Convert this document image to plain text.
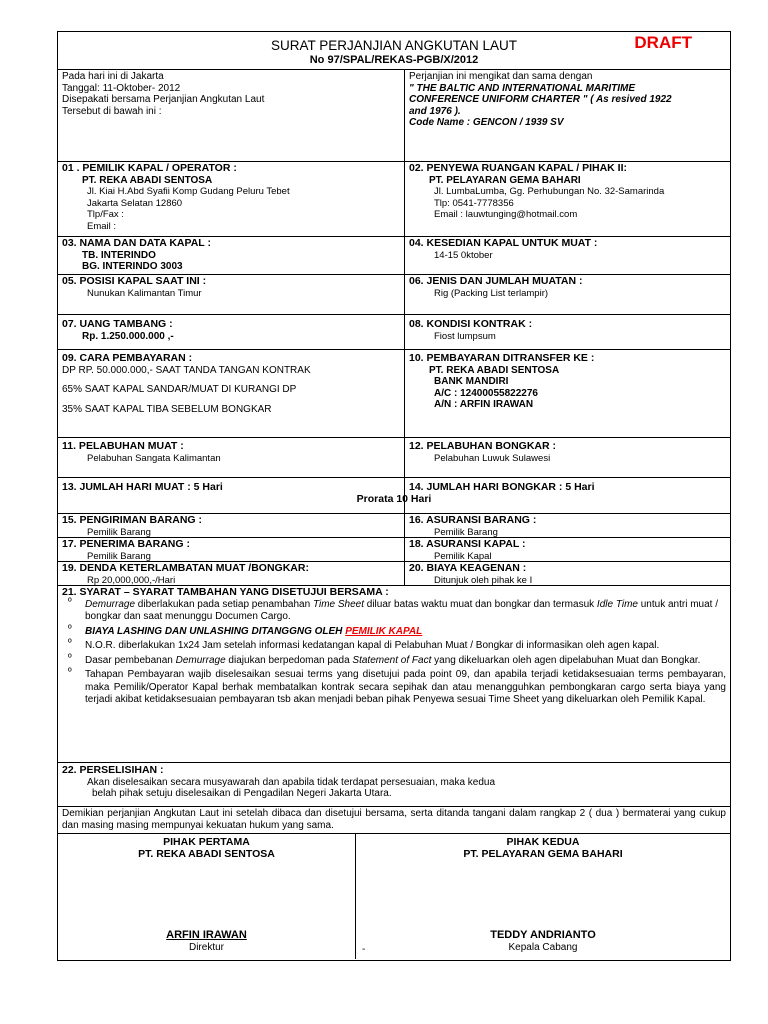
SURAT PERJANJIAN ANGKUTAN LAUT
No 97/SPAL/REKAS-PGB/X/2012
DRAFT
Pada hari ini di Jakarta
Tanggal: 11-Oktober- 2012
Disepakati bersama Perjanjian Angkutan Laut
Tersebut di bawah ini :
Perjanjian ini mengikat dan sama dengan
" THE BALTIC AND INTERNATIONAL MARITIME
CONFERENCE UNIFORM CHARTER " ( As resived 1922
and 1976 ).
Code Name : GENCON / 1939 SV
01 . PEMILIK KAPAL / OPERATOR :
PT. REKA ABADI SENTOSA
Jl. Kiai H.Abd Syafii Komp Gudang Peluru Tebet
Jakarta Selatan 12860
Tlp/Fax :
Email :
02. PENYEWA RUANGAN KAPAL / PIHAK II:
PT. PELAYARAN GEMA BAHARI
Jl. LumbaLumba, Gg. Perhubungan No. 32-Samarinda
Tlp: 0541-7778356
Email : lauwtunging@hotmail.com
03. NAMA DAN DATA KAPAL :
TB. INTERINDO
BG. INTERINDO 3003
04. KESEDIAN KAPAL UNTUK MUAT :
14-15 0ktober
05. POSISI KAPAL SAAT INI :
Nunukan Kalimantan Timur
06. JENIS DAN JUMLAH MUATAN :
Rig (Packing List terlampir)
07. UANG TAMBANG :
Rp. 1.250.000.000 ,-
08. KONDISI KONTRAK :
Fiost lumpsum
09. CARA PEMBAYARAN :
DP RP. 50.000.000,- SAAT TANDA TANGAN KONTRAK
65% SAAT KAPAL SANDAR/MUAT DI KURANGI DP
35% SAAT KAPAL TIBA SEBELUM BONGKAR
10. PEMBAYARAN DITRANSFER KE :
PT. REKA ABADI SENTOSA
BANK MANDIRI
A/C : 12400055822276
A/N : ARFIN IRAWAN
11. PELABUHAN MUAT :
Pelabuhan Sangata Kalimantan
12. PELABUHAN BONGKAR :
Pelabuhan Luwuk Sulawesi
13. JUMLAH HARI MUAT : 5 Hari	14. JUMLAH HARI BONGKAR : 5 Hari
Prorata 10 Hari
15. PENGIRIMAN BARANG :
Pemilik Barang
16. ASURANSI BARANG :
Pemilik Barang
17. PENERIMA BARANG :
Pemilik Barang
18. ASURANSI KAPAL :
Pemilik Kapal
19. DENDA KETERLAMBATAN MUAT /BONGKAR:
Rp 20,000,000,-/Hari
20. BIAYA KEAGENAN :
Ditunjuk oleh pihak ke I
21. SYARAT – SYARAT TAMBAHAN YANG DISETUJUI BERSAMA :
º Demurrage diberlakukan pada setiap penambahan Time Sheet diluar batas waktu muat dan bongkar dan termasuk Idle Time untuk antri muat / bongkar dan saat menunggu Documen Cargo.
º BIAYA LASHING DAN UNLASHING DITANGGNG OLEH PEMILIK KAPAL
º N.O.R. diberlakukan 1x24 Jam setelah informasi kedatangan kapal di Pelabuhan Muat / Bongkar di informasikan oleh agen kapal.
º Dasar pembebanan Demurrage diajukan berpedoman pada Statement of Fact yang dikeluarkan oleh agen dipelabuhan Muat dan Bongkar.
º Tahapan Pembayaran wajib diselesaikan sesuai terms yang disetujui pada point 09, dan apabila terjadi ketidaksesuaian terms pembayaran, maka Pemilik/Operator Kapal berhak membatalkan kontrak secara sepihak dan atau menangguhkan pembongkaran cargo serta biaya yang terjadi akibat ketidaksesuaian pembayaran tsb akan menjadi beban pihak Penyewa sesuai Time Sheet yang dikeluarkan oleh Pemilik Kapal.
22. PERSELISIHAN :
Akan diselesaikan secara musyawarah dan apabila tidak terdapat persesuaian, maka kedua
belah pihak setuju diselesaikan di Pengadilan Negeri Jakarta Utara.
Demikian perjanjian Angkutan Laut ini setelah dibaca dan disetujui bersama, serta ditanda tangani dalam rangkap 2 ( dua ) bermaterai yang cukup dan masing masing mempunyai kekuatan hukum yang sama.
PIHAK PERTAMA
PT. REKA ABADI SENTOSA
ARFIN IRAWAN
Direktur
PIHAK KEDUA
PT. PELAYARAN GEMA BAHARI
TEDDY ANDRIANTO
Kepala Cabang
-
